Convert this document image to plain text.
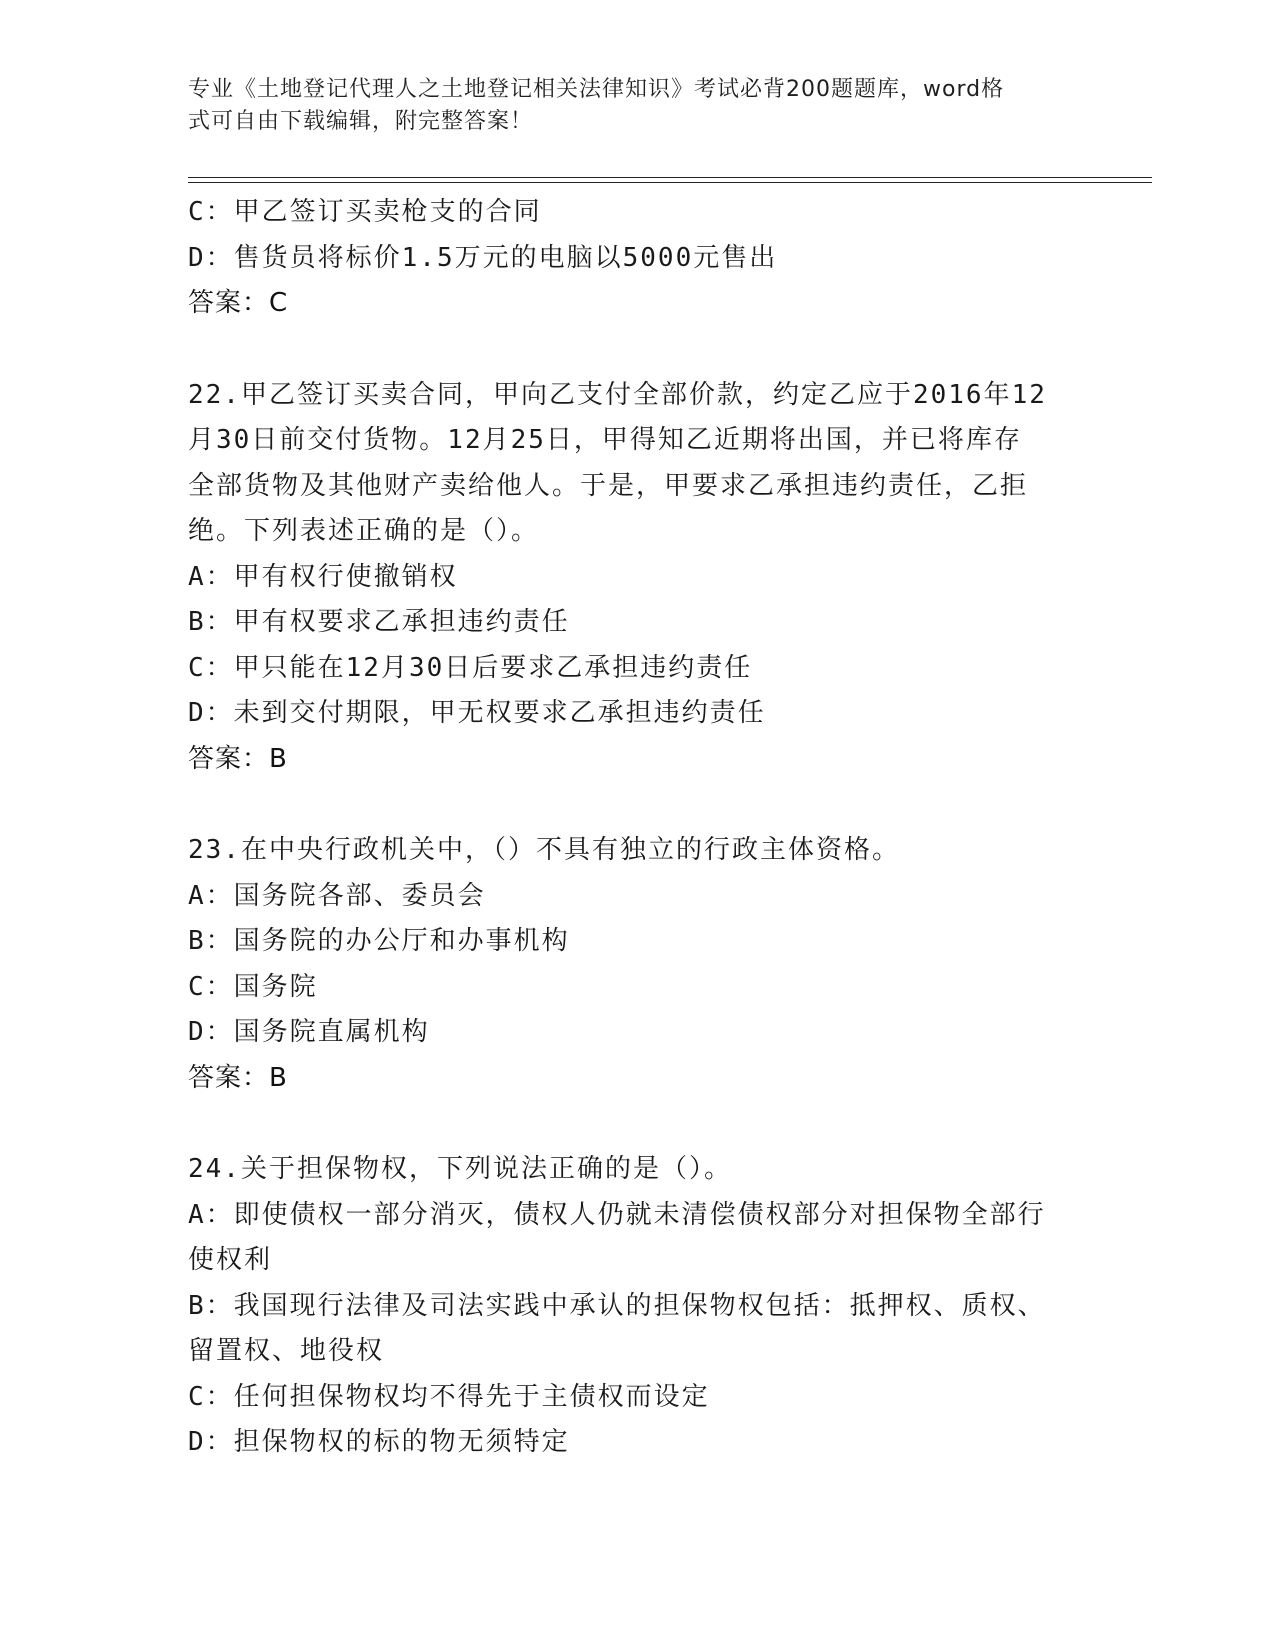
专业《土地登记代理人之土地登记相关法律知识》考试必背200题题库，word格
式可自由下载编辑，附完整答案！
C：甲乙签订买卖枪支的合同
D：售货员将标价1.5万元的电脑以5000元售出
答案：C
22.甲乙签订买卖合同，甲向乙支付全部价款，约定乙应于2016年12
月30日前交付货物。12月25日，甲得知乙近期将出国，并已将库存
全部货物及其他财产卖给他人。于是，甲要求乙承担违约责任，乙拒
绝。下列表述正确的是（）。
A：甲有权行使撤销权
B：甲有权要求乙承担违约责任
C：甲只能在12月30日后要求乙承担违约责任
D：未到交付期限，甲无权要求乙承担违约责任
答案：B
23.在中央行政机关中，（）不具有独立的行政主体资格。
A：国务院各部、委员会
B：国务院的办公厅和办事机构
C：国务院
D：国务院直属机构
答案：B
24.关于担保物权，下列说法正确的是（）。
A：即使债权一部分消灭，债权人仍就未清偿债权部分对担保物全部行
使权利
B：我国现行法律及司法实践中承认的担保物权包括：抵押权、质权、
留置权、地役权
C：任何担保物权均不得先于主债权而设定
D：担保物权的标的物无须特定
